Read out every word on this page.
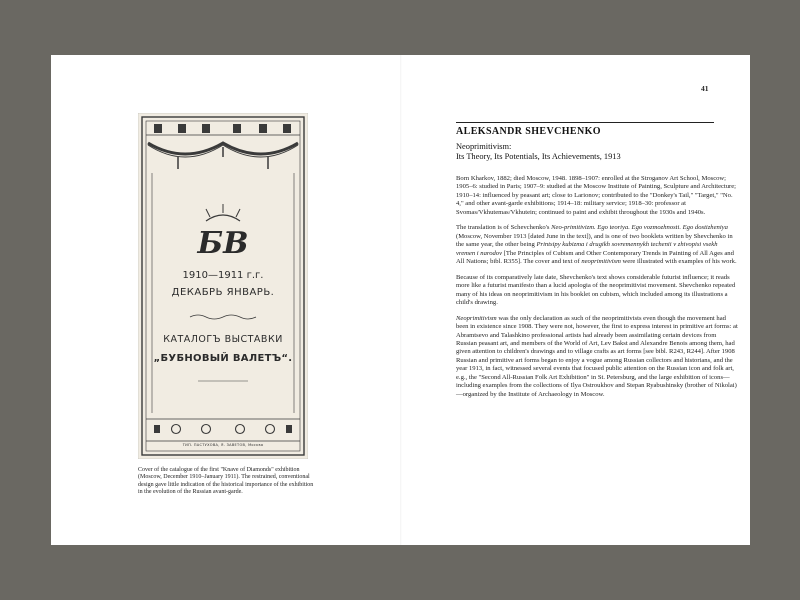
БВ
1910—1911 г.г.
ДЕКАБРЬ ЯНВАРЬ.
КАТАЛОГЪ ВЫСТАВКИ
„БУБНОВЫЙ ВАЛЕТЪ“.
ТИП. ПАСТУХОВА, Я. ЗАВЕТОВ, Москва
Cover of the catalogue of the first "Knave of Diamonds" exhibition (Moscow, December 1910–January 1911). The restrained, conventional design gave little indication of the historical importance of the exhibition in the evolution of the Russian avant-garde.
41
ALEKSANDR SHEVCHENKO
Neoprimitivism:
Its Theory, Its Potentials, Its Achievements, 1913

Born Kharkov, 1882; died Moscow, 1948. 1898–1907: enrolled at the Stroganov Art School, Moscow; 1905–6: studied in Paris; 1907–9: studied at the Moscow Institute of Painting, Sculpture and Architecture; 1910–14: influenced by peasant art; close to Larionov; contributed to the "Donkey's Tail," "Target," "No. 4," and other avant-garde exhibitions; 1914–18: military service; 1918–30: professor at Svomas/Vkhutemas/Vkhutein; continued to paint and exhibit throughout the 1930s and 1940s.

The translation is of Schevchenko's Neo-primitivizm. Ego teoriya. Ego vozmozhnosti. Ego dostizheniya (Moscow, November 1913 [dated June in the text]), and is one of two booklets written by Shevchenko in the same year, the other being Printsipy kubizma i drugikh sovremennykh techenii v zhivopisi vsekh vremen i narodov [The Principles of Cubism and Other Contemporary Trends in Painting of All Ages and All Nations; bibl. R355]. The cover and text of neoprimitivism were illustrated with examples of his work.

Because of its comparatively late date, Shevchenko's text shows considerable futurist influence; it reads more like a futurist manifesto than a lucid apologia of the neoprimitivist movement. Shevchenko repeated many of his ideas on neoprimitivism in his booklet on cubism, which included among its illustrations a child's drawing.

Neoprimitivism was the only declaration as such of the neoprimitivists even though the movement had been in existence since 1908. They were not, however, the first to express interest in primitive art forms: at Abramtsevo and Talashkino professional artists had already been assimilating certain devices from Russian peasant art, and members of the World of Art, Lev Bakst and Alexandre Benois among them, had given attention to children's drawings and to village crafts as art forms [see bibl. R243, R244]. After 1908 Russian and primitive art forms began to enjoy a vogue among Russian collectors and historians, and the year 1913, in fact, witnessed several events that focused public attention on the Russian icon and folk art, e.g., the "Second All-Russian Folk Art Exhibition" in St. Petersburg, and the large exhibition of icons—including examples from the collections of Ilya Ostroukhov and Stepan Ryabushinsky (brother of Nikolai)—organized by the Institute of Archaeology in Moscow.
